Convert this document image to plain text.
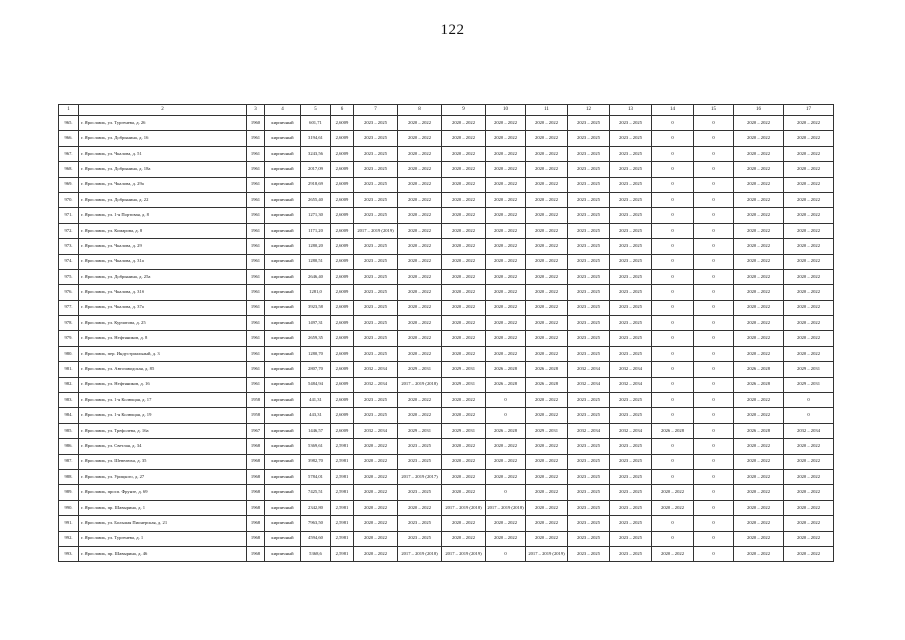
122
1	2	3	4	5	6	7	8	9	10	11	12	13	14	15	16	17
965.	г. Ярославль, ул. Тургенева, д. 26	1960	кирпичный	601,71	2,6009	2023 – 2025	2020 – 2022	2020 – 2022	2020 – 2022	2020 – 2022	2023 – 2025	2023 – 2025	0	0	2020 – 2022	2020 – 2022
966.	г. Ярославль, ул. Добрынина, д. 16	1961	кирпичный	3194,61	2,6009	2023 – 2025	2020 – 2022	2020 – 2022	2020 – 2022	2020 – 2022	2023 – 2025	2023 – 2025	0	0	2020 – 2022	2020 – 2022
967.	г. Ярославль, ул. Чкалова, д. 51	1961	кирпичный	3243,56	2,6009	2023 – 2025	2020 – 2022	2020 – 2022	2020 – 2022	2020 – 2022	2023 – 2025	2023 – 2025	0	0	2020 – 2022	2020 – 2022
968.	г. Ярославль, ул. Добрынина, д. 18а	1961	кирпичный	2017,09	2,6009	2023 – 2025	2020 – 2022	2020 – 2022	2020 – 2022	2020 – 2022	2023 – 2025	2023 – 2025	0	0	2020 – 2022	2020 – 2022
969.	г. Ярославль, ул. Чкалова, д. 29а	1961	кирпичный	2918,69	2,6009	2023 – 2025	2020 – 2022	2020 – 2022	2020 – 2022	2020 – 2022	2023 – 2025	2023 – 2025	0	0	2020 – 2022	2020 – 2022
970.	г. Ярославль, ул. Добрынина, д. 22	1961	кирпичный	2655,40	2,6009	2023 – 2025	2020 – 2022	2020 – 2022	2020 – 2022	2020 – 2022	2023 – 2025	2023 – 2025	0	0	2020 – 2022	2020 – 2022
971.	г. Ярославль, ул. 1-я Портовая, д. 8	1961	кирпичный	1271,30	2,6009	2023 – 2025	2020 – 2022	2020 – 2022	2020 – 2022	2020 – 2022	2023 – 2025	2023 – 2025	0	0	2020 – 2022	2020 – 2022
972.	г. Ярославль, ул. Комарова, д. 8	1961	кирпичный	1171,20	2,6009	2017 – 2019 (2019)	2020 – 2022	2020 – 2022	2020 – 2022	2020 – 2022	2023 – 2025	2023 – 2025	0	0	2020 – 2022	2020 – 2022
973.	г. Ярославль, ул. Чкалова, д. 29	1961	кирпичный	1280,20	2,6009	2023 – 2025	2020 – 2022	2020 – 2022	2020 – 2022	2020 – 2022	2023 – 2025	2023 – 2025	0	0	2020 – 2022	2020 – 2022
974.	г. Ярославль, ул. Чкалова, д. 31а	1961	кирпичный	1280,51	2,6009	2023 – 2025	2020 – 2022	2020 – 2022	2020 – 2022	2020 – 2022	2023 – 2025	2023 – 2025	0	0	2020 – 2022	2020 – 2022
975.	г. Ярославль, ул. Добрынина, д. 25а	1961	кирпичный	2646,40	2,6009	2023 – 2025	2020 – 2022	2020 – 2022	2020 – 2022	2020 – 2022	2023 – 2025	2023 – 2025	0	0	2020 – 2022	2020 – 2022
976.	г. Ярославль, ул. Чкалова, д. 31б	1961	кирпичный	1281,0	2,6009	2023 – 2025	2020 – 2022	2020 – 2022	2020 – 2022	2020 – 2022	2023 – 2025	2023 – 2025	0	0	2020 – 2022	2020 – 2022
977.	г. Ярославль, ул. Чкалова, д. 37а	1961	кирпичный	3923,58	2,6009	2023 – 2025	2020 – 2022	2020 – 2022	2020 – 2022	2020 – 2022	2023 – 2025	2023 – 2025	0	0	2020 – 2022	2020 – 2022
978.	г. Ярославль, ул. Курчатова, д. 25	1961	кирпичный	1497,31	2,6009	2023 – 2025	2020 – 2022	2020 – 2022	2020 – 2022	2020 – 2022	2023 – 2025	2023 – 2025	0	0	2020 – 2022	2020 – 2022
979.	г. Ярославль, ул. Нефтяников, д. 8	1961	кирпичный	2659,35	2,6009	2023 – 2025	2020 – 2022	2020 – 2022	2020 – 2022	2020 – 2022	2023 – 2025	2023 – 2025	0	0	2020 – 2022	2020 – 2022
980.	г. Ярославль, пер. Индустриальный, д. 3	1961	кирпичный	1280,70	2,6009	2023 – 2025	2020 – 2022	2020 – 2022	2020 – 2022	2020 – 2022	2023 – 2025	2023 – 2025	0	0	2020 – 2022	2020 – 2022
981.	г. Ярославль, ул. Автозаводская, д. 85	1961	кирпичный	2807,70	2,6009	2032 – 2034	2029 – 2031	2029 – 2031	2026 – 2028	2026 – 2028	2032 – 2034	2032 – 2034	0	0	2026 – 2028	2029 – 2031
982.	г. Ярославль, ул. Нефтяников, д. 16	1961	кирпичный	5484,94	2,6009	2032 – 2034	2017 – 2019 (2018)	2029 – 2031	2026 – 2028	2026 – 2028	2032 – 2034	2032 – 2034	0	0	2026 – 2028	2029 – 2031
983.	г. Ярославль, ул. 1-я Колющая, д. 17	1958	кирпичный	441,31	2,6009	2023 – 2025	2020 – 2022	2020 – 2022	0	2020 – 2022	2023 – 2025	2023 – 2025	0	0	2020 – 2022	0
984.	г. Ярославль, ул. 1-я Колющая, д. 19	1958	кирпичный	443,31	2,6009	2023 – 2025	2020 – 2022	2020 – 2022	0	2020 – 2022	2023 – 2025	2023 – 2025	0	0	2020 – 2022	0
985.	г. Ярославль, ул. Трефолева, д. 16а	1967	кирпичный	1446,57	2,6009	2032 – 2034	2029 – 2031	2029 – 2031	2026 – 2028	2029 – 2031	2032 – 2034	2032 – 2034	2026 – 2028	0	2026 – 2028	2032 – 2034
986.	г. Ярославль, ул. Светлая, д. 34	1968	кирпичный	5369,61	2,5981	2020 – 2022	2023 – 2025	2020 – 2022	2020 – 2022	2020 – 2022	2023 – 2025	2023 – 2025	0	0	2020 – 2022	2020 – 2022
987.	г. Ярославль, ул. Шевелюха, д. 35	1968	кирпичный	3982,70	2,5981	2020 – 2022	2023 – 2025	2020 – 2022	2020 – 2022	2020 – 2022	2023 – 2025	2023 – 2025	0	0	2020 – 2022	2020 – 2022
988.	г. Ярославль, ул. Урицкого, д. 27	1968	кирпичный	5784,01	2,5981	2020 – 2022	2017 – 2019 (2017)	2020 – 2022	2020 – 2022	2020 – 2022	2023 – 2025	2023 – 2025	0	0	2020 – 2022	2020 – 2022
989.	г. Ярославль, просп. Фрунзе, д. 69	1968	кирпичный	7425,51	2,5981	2020 – 2022	2023 – 2025	2020 – 2022	0	2020 – 2022	2023 – 2025	2023 – 2025	2020 – 2022	0	2020 – 2022	2020 – 2022
990.	г. Ярославль, пр. Шавырина, д. 1	1968	кирпичный	2342,80	2,5981	2020 – 2022	2020 – 2022	2017 – 2019 (2018)	2017 – 2019 (2018)	2020 – 2022	2023 – 2025	2023 – 2025	2020 – 2022	0	2020 – 2022	2020 – 2022
991.	г. Ярославль, ул. Большая Пионерская, д. 21	1968	кирпичный	7963,50	2,5981	2020 – 2022	2023 – 2025	2020 – 2022	2020 – 2022	2020 – 2022	2023 – 2025	2023 – 2025	0	0	2020 – 2022	2020 – 2022
992.	г. Ярославль, ул. Тургенева, д. 1	1968	кирпичный	4594,60	2,5981	2020 – 2022	2023 – 2025	2020 – 2022	2020 – 2022	2020 – 2022	2023 – 2025	2023 – 2025	0	0	2020 – 2022	2020 – 2022
993.	г. Ярославль, пр. Шавырина, д. 46	1968	кирпичный	5368,6	2,5981	2020 – 2022	2017 – 2019 (2018)	2017 – 2019 (2019)	0	2017 – 2019 (2019)	2023 – 2025	2023 – 2025	2020 – 2022	0	2020 – 2022	2020 – 2022
